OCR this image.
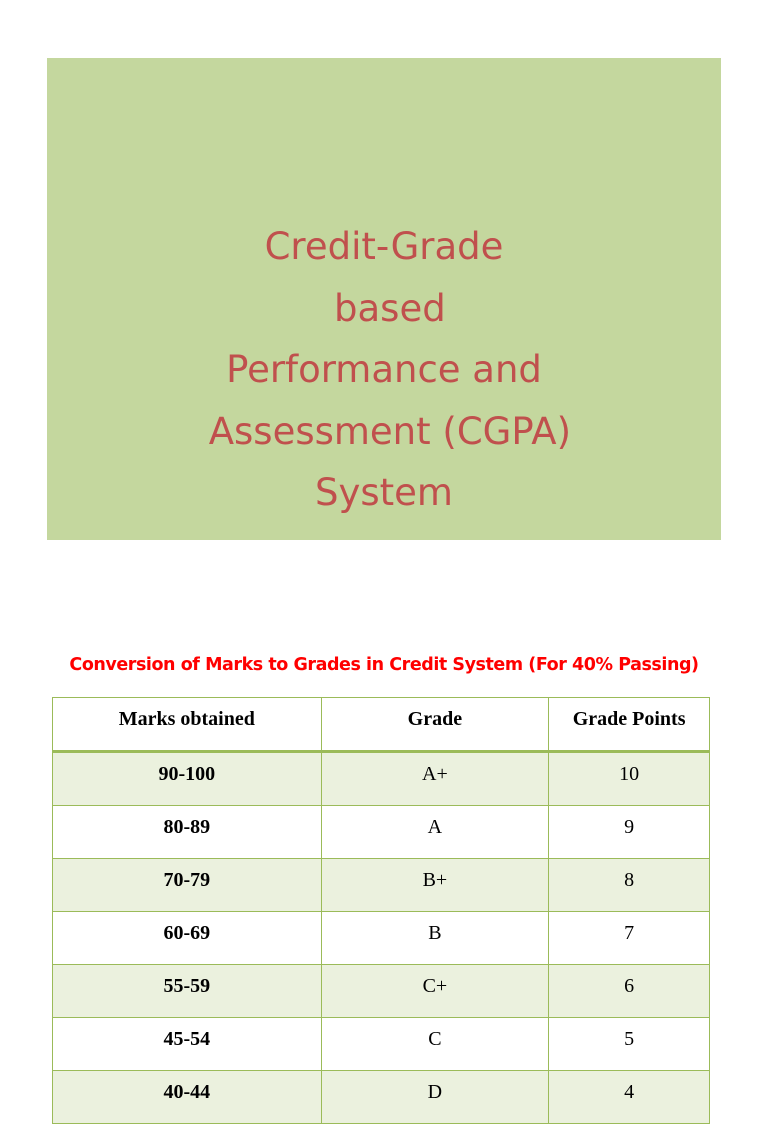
Credit-Grade
based
Performance and
Assessment (CGPA)
System
Conversion of Marks to Grades in Credit System (For 40% Passing)
Marks obtained	Grade	Grade Points
90-100	A+	10
80-89	A	9
70-79	B+	8
60-69	B	7
55-59	C+	6
45-54	C	5
40-44	D	4
